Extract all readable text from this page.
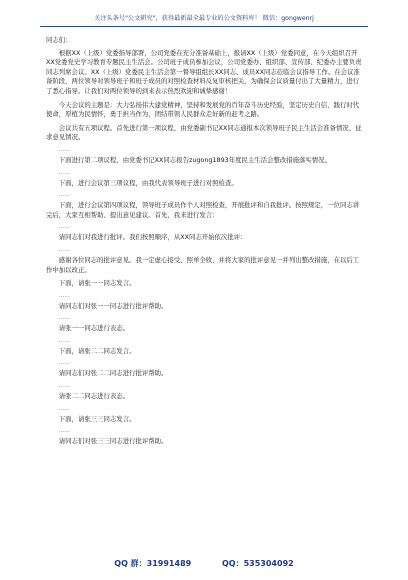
关注头条号"公文研究"，获得最新最全最专业的公文资料库！ 微信：gongwenrj

同志们：

根据XX（上级）党委指导部署，公司党委在充分准备基础上，报请XX（上级）党委同意，在今天组织召开XX党委党史学习教育专题民主生活会。公司班子成员参加会议，公司党委办、组织部、宣传部、纪委办主要负责同志列席会议。XX（上级）党委民主生活会第一督导组组长XX同志、成员XX同志莅临会议指导工作。在会议准备阶段，两位领导对领导班子和班子成员的对照检查材料反复审核把关，为确保会议质量付出了大量精力，进行了悉心指导。让我们对两位领导的到来表示热烈欢迎和诚挚感谢！

今天会议的主题是：大力弘扬伟大建党精神，坚持和发展党的百年奋斗历史经验，坚定历史自信，践行时代使命，厚植为民情怀，勇于担当作为，团结带领人民群众走好新的赶考之路。

会议共有五项议程。首先进行第一项议程，由党委副书记XX同志通报本次领导班子民主生活会准备情况、征求意见情况。

……

下面进行第二项议程，由党委书记XX同志报告zugong1893年度民主生活会整改措施落实情况。

……

下面，进行会议第三项议程，由我代表领导班子进行对照检查。

……

下面，进行会议第四项议程，领导班子成员作个人对照检查，开展批评和自我批评。按照规定，一位同志讲完后，大家互相帮助、提出意见建议。首先，我来进行发言：

……

请同志们对我进行批评。我们按照顺序，从XX同志开始依次批评：

……

感谢各位同志的批评意见。我一定虚心接受、照单全收，并将大家的批评意见一并列出整改措施，在以后工作中加以改正。

下面，请张一一同志发言。

……

请同志们对张一一同志进行批评帮助。

……

请张一一同志进行表态。

……

下面，请张二二同志发言。

……

请同志们对张二二同志进行批评帮助。

……

请张二二同志进行表态。

……

下面，请张三三同志发言。

……

请同志们对张三三同志进行批评帮助。

QQ 群：31991489	QQ：535304092
